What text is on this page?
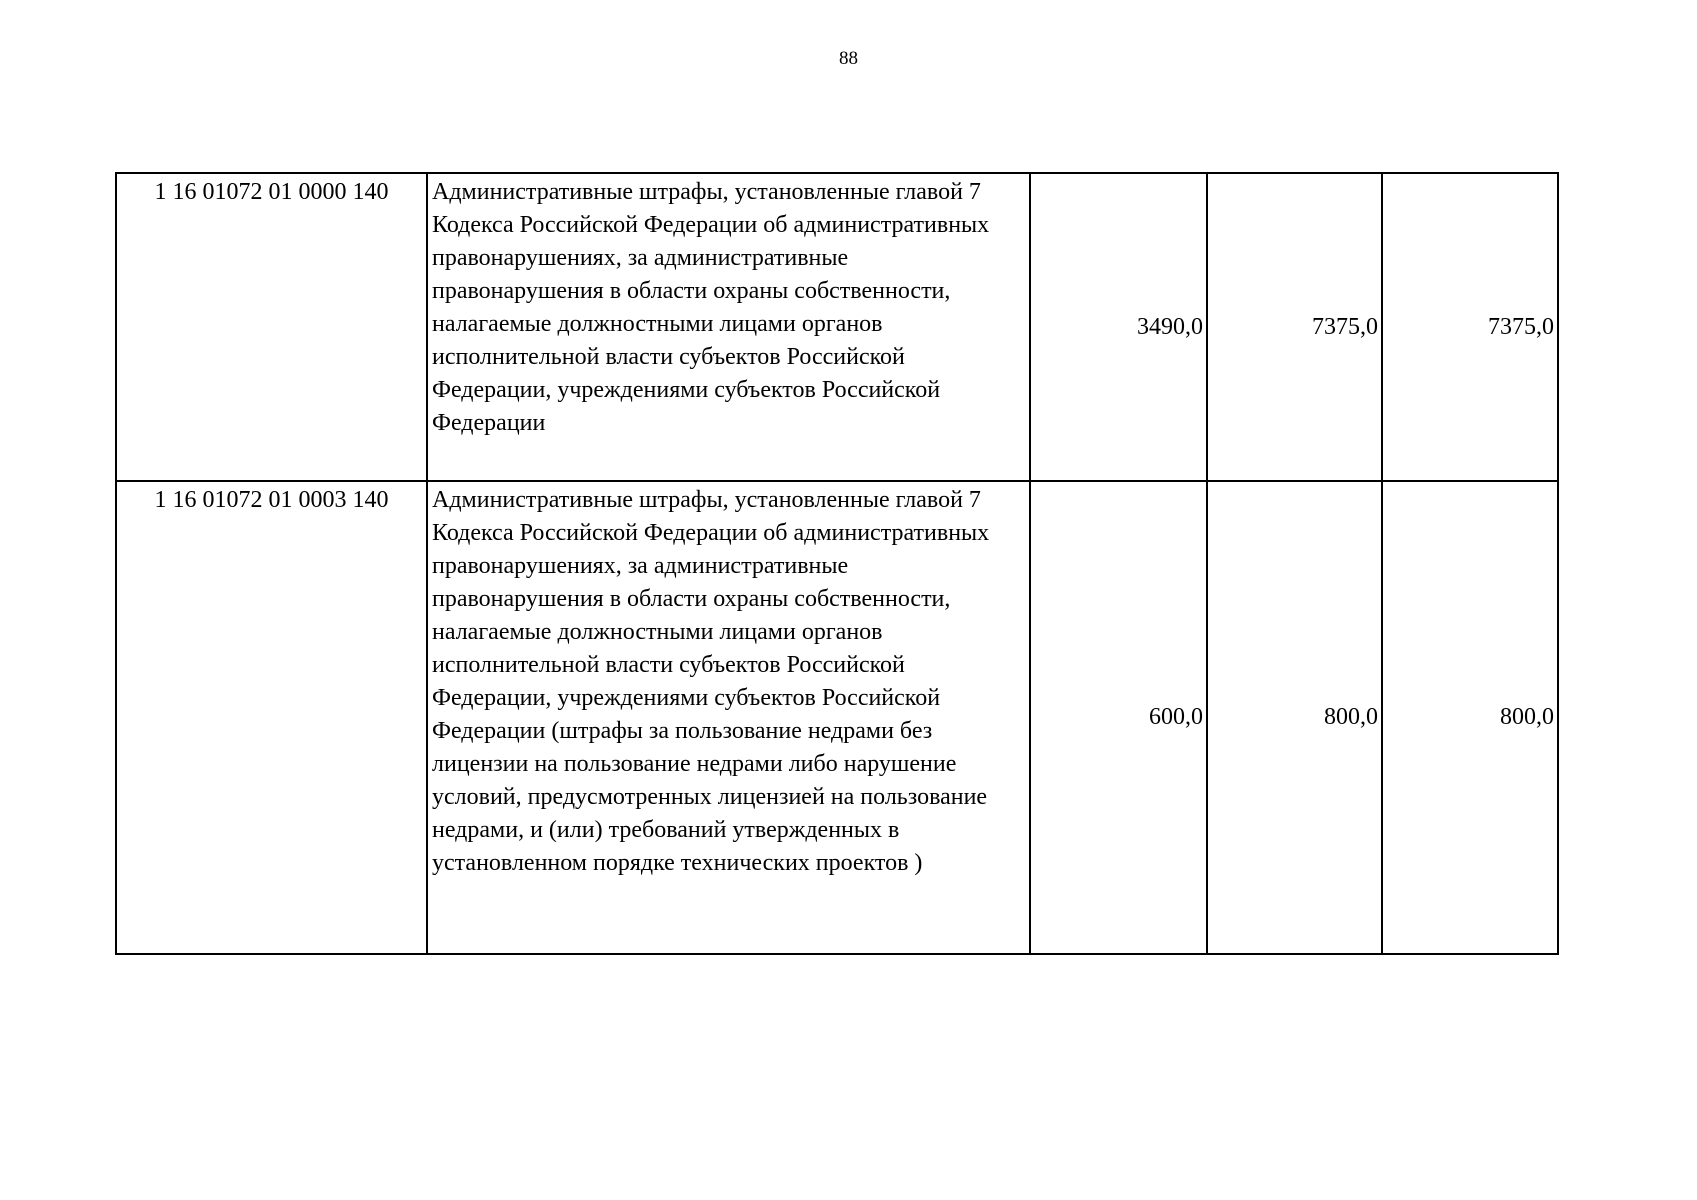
88
1 16 01072 01 0000 140	Административные штрафы, установленные главой 7 Кодекса Российской Федерации об административных правонарушениях, за административные правонарушения в области охраны собственности, налагаемые должностными лицами органов исполнительной власти субъектов Российской Федерации, учреждениями субъектов Российской Федерации	3490,0	7375,0	7375,0
1 16 01072 01 0003 140	Административные штрафы, установленные главой 7 Кодекса Российской Федерации об административных правонарушениях, за административные правонарушения в области охраны собственности, налагаемые должностными лицами органов исполнительной власти субъектов Российской Федерации, учреждениями субъектов Российской Федерации (штрафы за пользование недрами без лицензии на пользование недрами либо нарушение условий, предусмотренных лицензией на пользование недрами, и (или) требований утвержденных в установленном порядке технических проектов )	600,0	800,0	800,0
